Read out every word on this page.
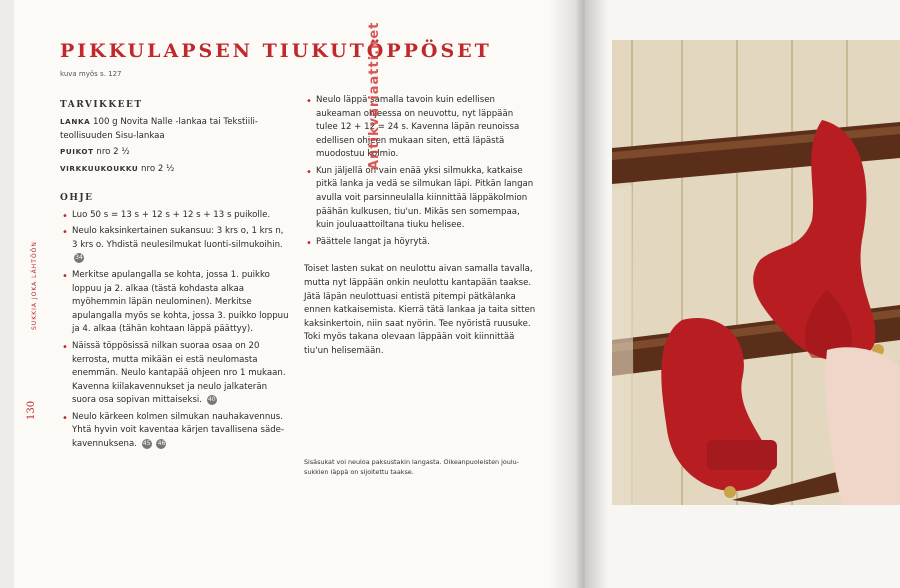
PIKKULAPSEN TIUKUTÖPPÖSET
kuva myös s. 127
SUKKIA JOKA LÄHTÖÖN
130
TARVIKKEET
LANKA 100 g Novita Nalle -lankaa tai Tekstiili-teollisuuden Sisu-lankaa
PUIKOT nro 2 ½
VIRKKUUKOUKKU nro 2 ½
OHJE
• Luo 50 s = 13 s + 12 s + 12 s + 13 s puikolle.
• Neulo kaksinkertainen sukansuu: 3 krs o, 1 krs n, 3 krs o. Yhdistä neulesilmukat luonti-silmukoihin. 34
• Merkitse apulangalla se kohta, jossa 1. puikko loppuu ja 2. alkaa (tästä kohdasta alkaa myöhemmin läpän neulominen). Merkitse apulangalla myös se kohta, jossa 3. puikko loppuu ja 4. alkaa (tähän kohtaan läppä päättyy).
• Näissä töppösissä nilkan suoraa osaa on 20 kerrosta, mutta mikään ei estä neulomasta enemmän. Neulo kantapää ohjeen nro 1 mukaan. Kavenna kiilakavennukset ja neulo jalkaterän suora osa sopivan mittaiseksi. 40
• Neulo kärkeen kolmen silmukan nauhakavennus. Yhtä hyvin voit kaventaa kärjen tavallisena säde-kavennuksena. 45 46
• Neulo läppä samalla tavoin kuin edellisen aukeaman ohjeessa on neuvottu, nyt läppään tulee 12 + 12 = 24 s. Kavenna läpän reunoissa edellisen ohjeen mukaan siten, että läpästä muodostuu kolmio.
• Kun jäljellä on vain enää yksi silmukka, katkaise pitkä lanka ja vedä se silmukan läpi. Pitkän langan avulla voit parsinneulalla kiinnittää läppäkolmion päähän kulkusen, tiu'un. Mikäs sen somempaa, kuin jouluaattoiltana tiuku helisee.
• Päättele langat ja höyrytä.

Toiset lasten sukat on neulottu aivan samalla tavalla, mutta nyt läppään onkin neulottu kantapään taakse. Jätä läpän neulottuasi entistä pitempi pätkälanka ennen katkaisemista. Kierrä tätä lankaa ja taita sitten kaksinkertoin, niin saat nyörin. Tee nyöristä ruusuke. Toki myös takana olevaan läppään voit kiinnittää tiu'un helisemään.

Sisäsukat voi neuloa paksustakin langasta. Oikeanpuoleisten joulu-sukkien läppä on sijoitettu taakse.
Antikvariaatti.net
